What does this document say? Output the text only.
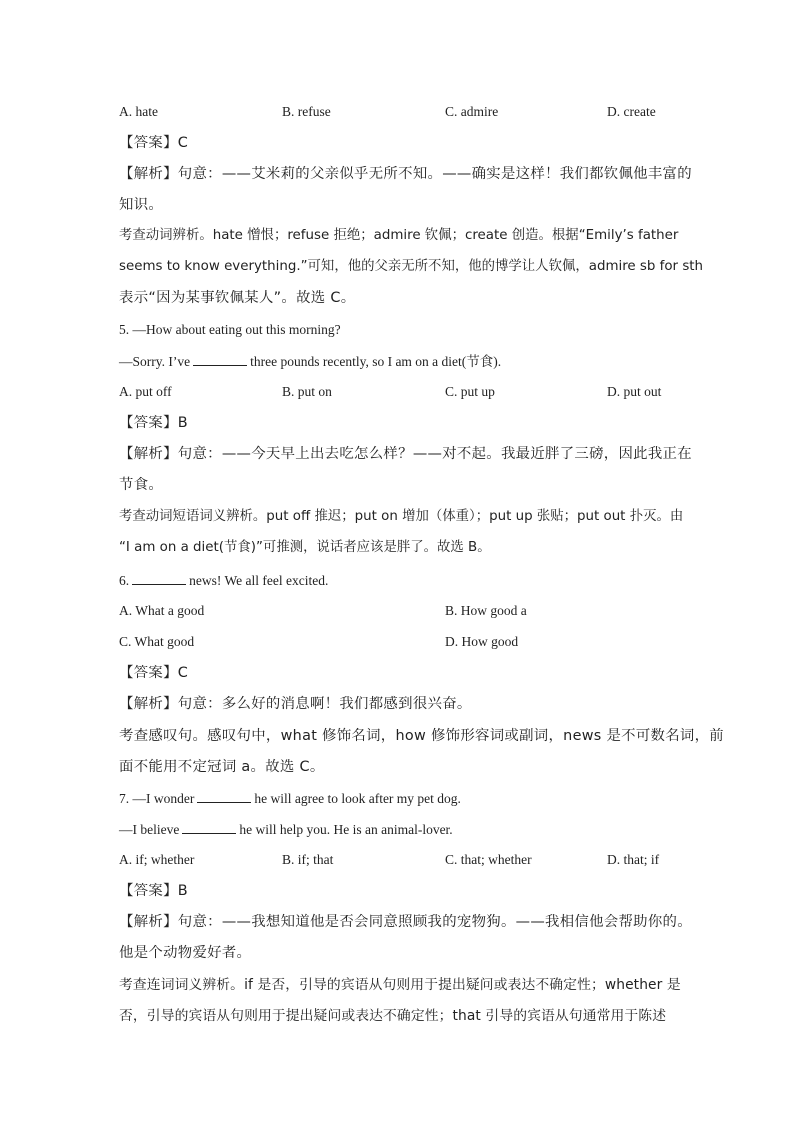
A. hate	B. refuse	C. admire	D. create
【答案】C
【解析】句意：——艾米莉的父亲似乎无所不知。——确实是这样！我们都钦佩他丰富的
知识。
考查动词辨析。hate 憎恨；refuse 拒绝；admire 钦佩；create 创造。根据“Emily’s father
seems to know everything.”可知，他的父亲无所不知，他的博学让人钦佩，admire sb for sth
表示“因为某事钦佩某人”。故选 C。
5. —How about eating out this morning?
—Sorry. I’ve	three pounds recently, so I am on a diet(节食).
A. put off	B. put on	C. put up	D. put out
【答案】B
【解析】句意：——今天早上出去吃怎么样？——对不起。我最近胖了三磅，因此我正在
节食。
考查动词短语词义辨析。put off 推迟；put on 增加（体重）；put up 张贴；put out 扑灭。由
“I am on a diet(节食)”可推测，说话者应该是胖了。故选 B。
6.	news! We all feel excited.
A. What a good	B. How good a
C. What good	D. How good
【答案】C
【解析】句意：多么好的消息啊！我们都感到很兴奋。
考查感叹句。感叹句中，what 修饰名词，how 修饰形容词或副词，news 是不可数名词，前
面不能用不定冠词 a。故选 C。
7. —I wonder	he will agree to look after my pet dog.
—I believe	he will help you. He is an animal-lover.
A. if; whether	B. if; that	C. that; whether	D. that; if
【答案】B
【解析】句意：——我想知道他是否会同意照顾我的宠物狗。——我相信他会帮助你的。
他是个动物爱好者。
考查连词词义辨析。if 是否，引导的宾语从句则用于提出疑问或表达不确定性；whether 是
否，引导的宾语从句则用于提出疑问或表达不确定性；that 引导的宾语从句通常用于陈述
